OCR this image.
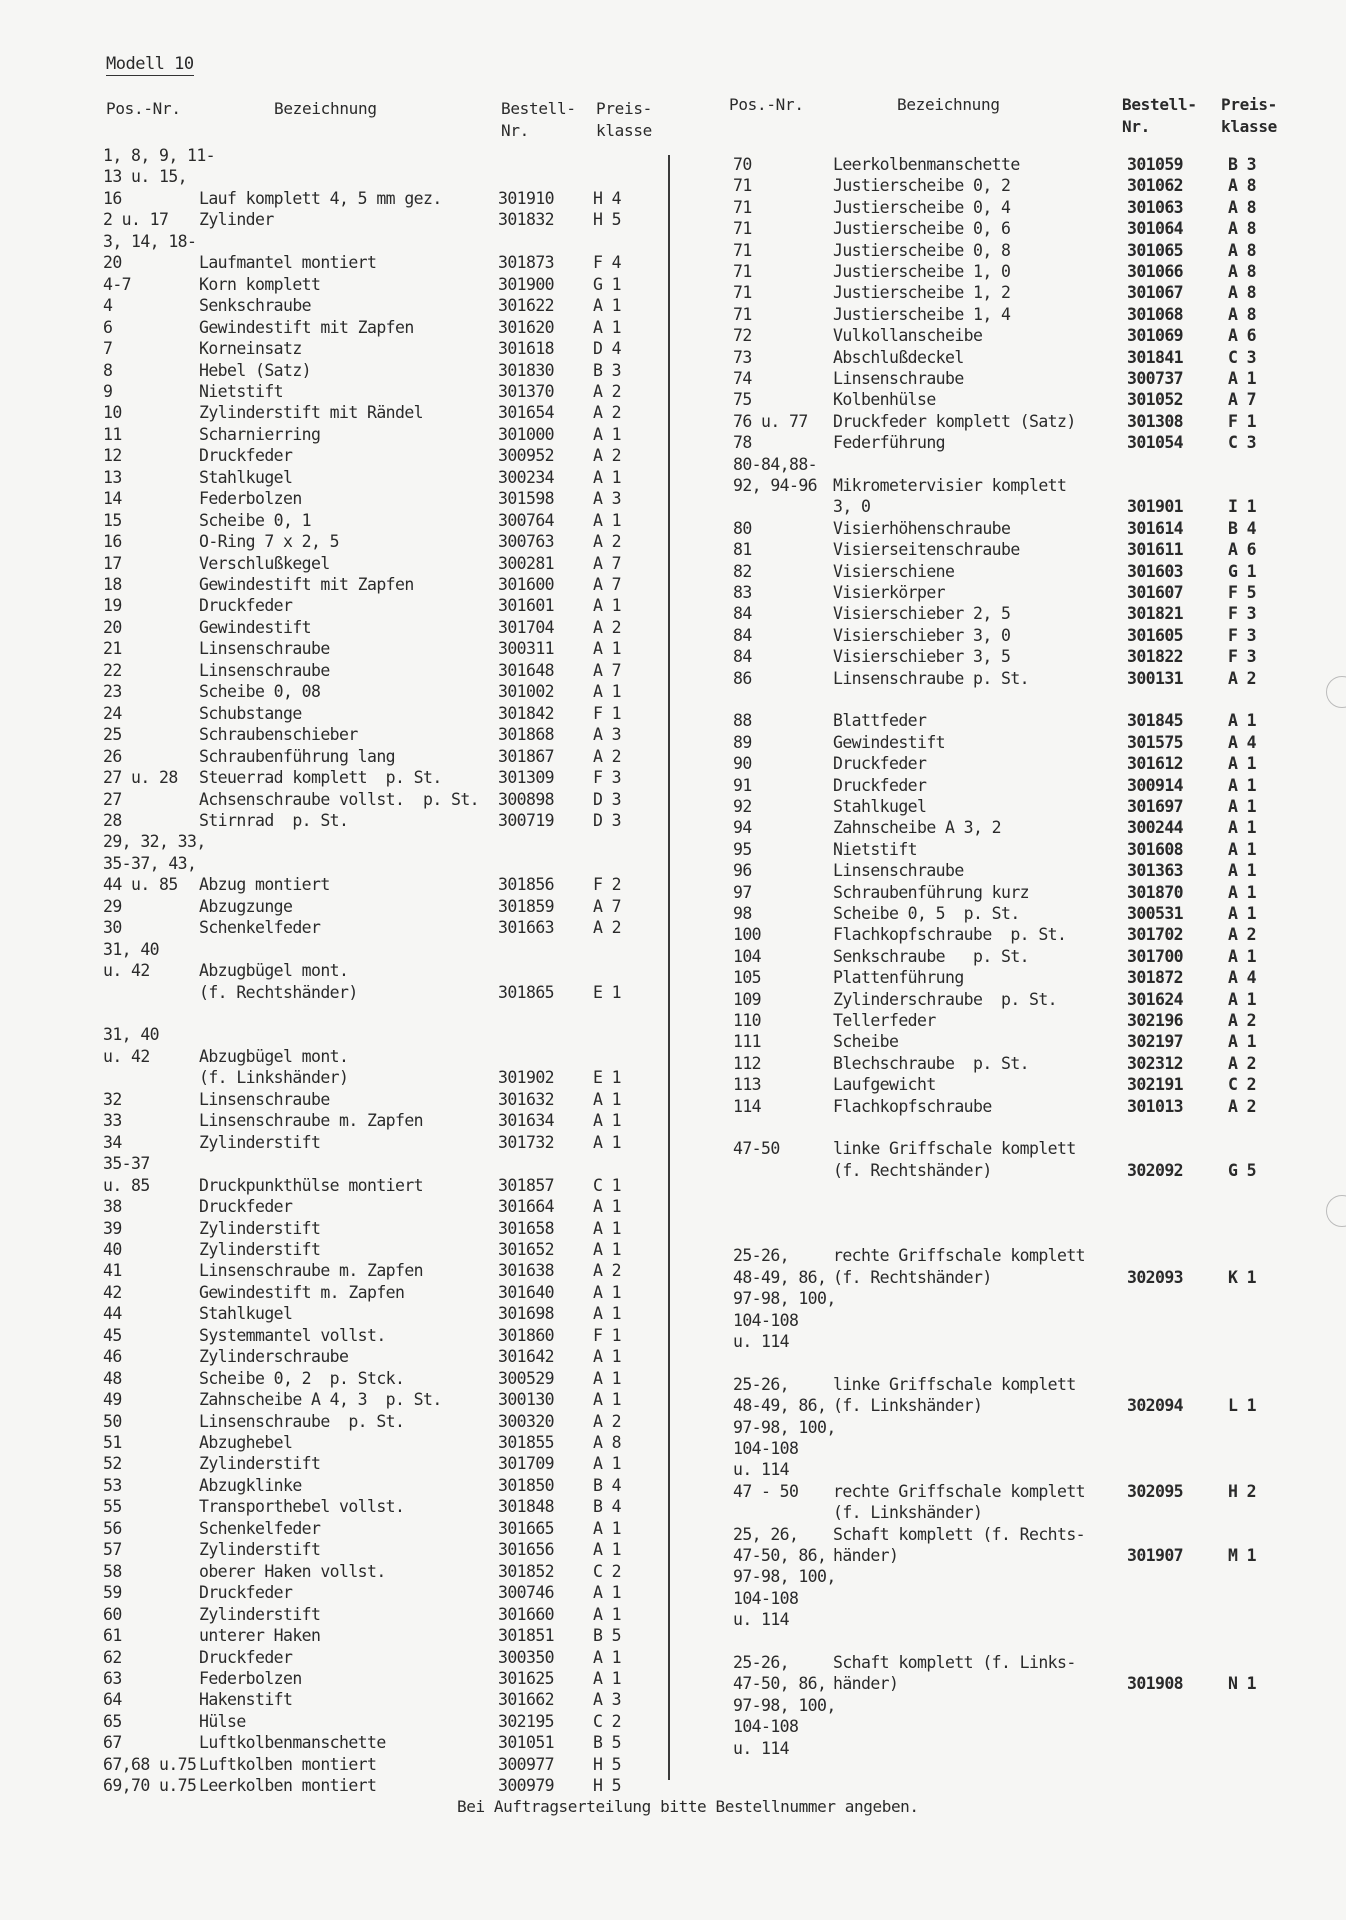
Modell 10
Pos.-Nr.	Bezeichnung	Bestell-
Nr.
Preis-
klasse
Pos.-Nr.	Bezeichnung	Bestell-
Nr.
Preis-
klasse
1, 8, 9, 11-
13 u. 15,
16	Lauf komplett 4, 5 mm gez.	301910 H 4
2 u. 17 Zylinder	301832 H 5
3, 14, 18-
20	Laufmantel montiert	301873 F 4
4-7	Korn komplett	301900 G 1
4	Senkschraube	301622 A 1
6	Gewindestift mit Zapfen	301620 A 1
7	Korneinsatz	301618 D 4
8	Hebel (Satz)	301830 B 3
9	Nietstift	301370 A 2
10	Zylinderstift mit Rändel	301654 A 2
11	Scharnierring	301000 A 1
12	Druckfeder	300952 A 2
13	Stahlkugel	300234 A 1
14	Federbolzen	301598 A 3
15	Scheibe 0, 1	300764 A 1
16	O-Ring 7 x 2, 5	300763 A 2
17	Verschlußkegel	300281 A 7
18	Gewindestift mit Zapfen	301600 A 7
19	Druckfeder	301601 A 1
20	Gewindestift	301704 A 2
21	Linsenschraube	300311 A 1
22	Linsenschraube	301648 A 7
23	Scheibe 0, 08	301002 A 1
24	Schubstange	301842 F 1
25	Schraubenschieber	301868 A 3
26	Schraubenführung lang	301867 A 2
27 u. 28 Steuerrad komplett  p. St.	301309 F 3
27	Achsenschraube vollst.  p. St. 300898 D 3
28	Stirnrad  p. St.	300719 D 3
29, 32, 33,
35-37, 43,
44 u. 85 Abzug montiert	301856 F 2
29	Abzugzunge	301859 A 7
30	Schenkelfeder	301663 A 2
31, 40
u. 42	Abzugbügel mont.
(f. Rechtshänder)	301865 E 1
31, 40
u. 42	Abzugbügel mont.
(f. Linkshänder)	301902 E 1
32	Linsenschraube	301632 A 1
33	Linsenschraube m. Zapfen	301634 A 1
34	Zylinderstift	301732 A 1
35-37
u. 85	Druckpunkthülse montiert	301857 C 1
38	Druckfeder	301664 A 1
39	Zylinderstift	301658 A 1
40	Zylinderstift	301652 A 1
41	Linsenschraube m. Zapfen	301638 A 2
42	Gewindestift m. Zapfen	301640 A 1
44	Stahlkugel	301698 A 1
45	Systemmantel vollst.	301860 F 1
46	Zylinderschraube	301642 A 1
48	Scheibe 0, 2  p. Stck.	300529 A 1
49	Zahnscheibe A 4, 3  p. St.	300130 A 1
50	Linsenschraube  p. St.	300320 A 2
51	Abzughebel	301855 A 8
52	Zylinderstift	301709 A 1
53	Abzugklinke	301850 B 4
55	Transporthebel vollst.	301848 B 4
56	Schenkelfeder	301665 A 1
57	Zylinderstift	301656 A 1
58	oberer Haken vollst.	301852 C 2
59	Druckfeder	300746 A 1
60	Zylinderstift	301660 A 1
61	unterer Haken	301851 B 5
62	Druckfeder	300350 A 1
63	Federbolzen	301625 A 1
64	Hakenstift	301662 A 3
65	Hülse	302195 C 2
67	Luftkolbenmanschette	301051 B 5
67,68 u.75 Luftkolben montiert	300977 H 5
69,70 u.75 Leerkolben montiert	300979 H 5
70	Leerkolbenmanschette	301059	B 3
71	Justierscheibe 0, 2	301062	A 8
71	Justierscheibe 0, 4	301063	A 8
71	Justierscheibe 0, 6	301064	A 8
71	Justierscheibe 0, 8	301065	A 8
71	Justierscheibe 1, 0	301066	A 8
71	Justierscheibe 1, 2	301067	A 8
71	Justierscheibe 1, 4	301068	A 8
72	Vulkollanscheibe	301069	A 6
73	Abschlußdeckel	301841	C 3
74	Linsenschraube	300737	A 1
75	Kolbenhülse	301052	A 7
76 u. 77 Druckfeder komplett (Satz)	301308	F 1
78	Federführung	301054	C 3
80-84,88-
92, 94-96 Mikrometervisier komplett
3, 0	301901	I 1
80	Visierhöhenschraube	301614	B 4
81	Visierseitenschraube	301611	A 6
82	Visierschiene	301603	G 1
83	Visierkörper	301607	F 5
84	Visierschieber 2, 5	301821	F 3
84	Visierschieber 3, 0	301605	F 3
84	Visierschieber 3, 5	301822	F 3
86	Linsenschraube p. St.	300131	A 2
88	Blattfeder	301845	A 1
89	Gewindestift	301575	A 4
90	Druckfeder	301612	A 1
91	Druckfeder	300914	A 1
92	Stahlkugel	301697	A 1
94	Zahnscheibe A 3, 2	300244	A 1
95	Nietstift	301608	A 1
96	Linsenschraube	301363	A 1
97	Schraubenführung kurz	301870	A 1
98	Scheibe 0, 5  p. St.	300531	A 1
100	Flachkopfschraube  p. St.	301702	A 2
104	Senkschraube   p. St.	301700	A 1
105	Plattenführung	301872	A 4
109	Zylinderschraube  p. St.	301624	A 1
110	Tellerfeder	302196	A 2
111	Scheibe	302197	A 1
112	Blechschraube  p. St.	302312	A 2
113	Laufgewicht	302191	C 2
114	Flachkopfschraube	301013	A 2
47-50	linke Griffschale komplett
(f. Rechtshänder)	302092	G 5
25-26,	rechte Griffschale komplett
48-49, 86, (f. Rechtshänder)	302093	K 1
97-98, 100,
104-108
u. 114
25-26,	linke Griffschale komplett
48-49, 86, (f. Linkshänder)	302094	L 1
97-98, 100,
104-108
u. 114
47 - 50 rechte Griffschale komplett	302095	H 2
(f. Linkshänder)
25, 26, Schaft komplett (f. Rechts-
47-50, 86, händer)	301907	M 1
97-98, 100,
104-108
u. 114
25-26,	Schaft komplett (f. Links-
47-50, 86, händer)	301908	N 1
97-98, 100,
104-108
u. 114
Bei Auftragserteilung bitte Bestellnummer angeben.
